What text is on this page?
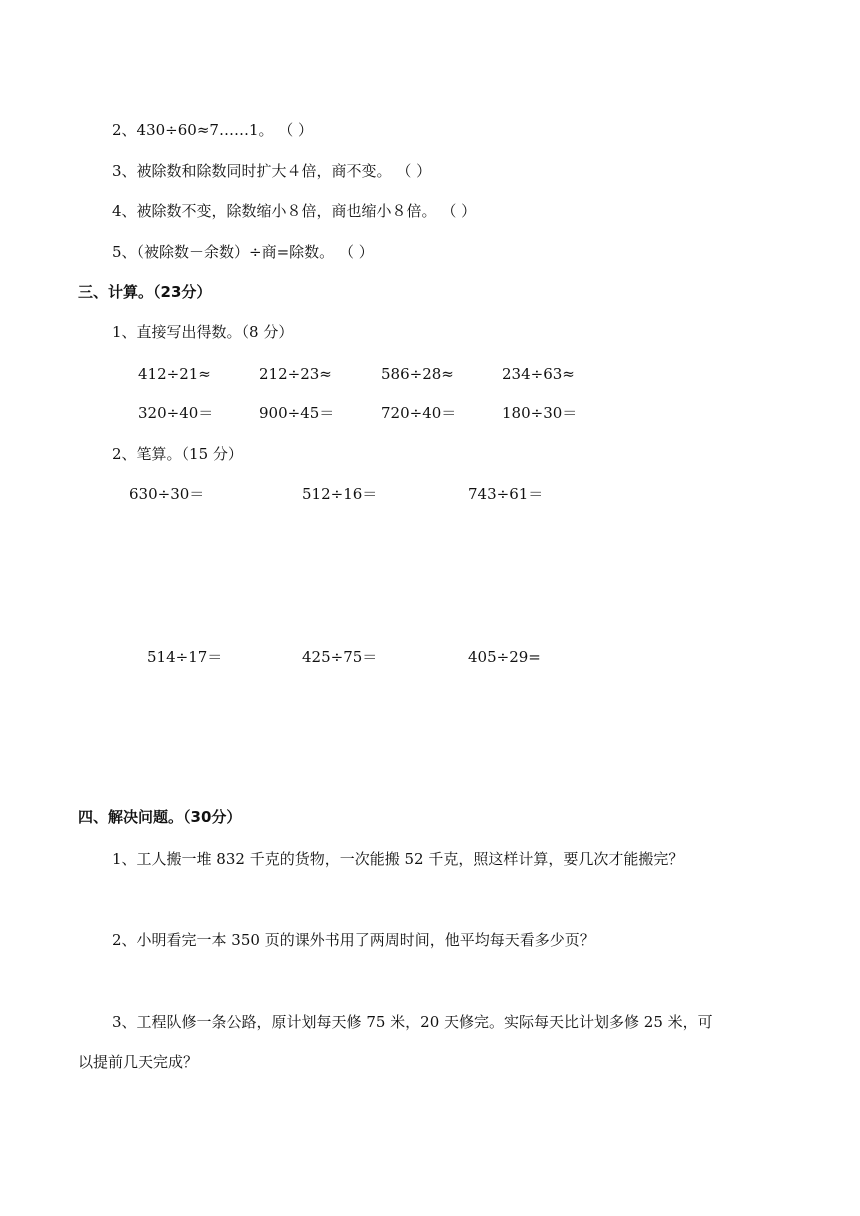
2、430÷60≈7……1。 （ ）
3、被除数和除数同时扩大４倍，商不变。 （ ）
4、被除数不变，除数缩小８倍，商也缩小８倍。 （ ）
5、（被除数－余数）÷商=除数。 （ ）
三、计算。（23分）
1、直接写出得数。（8 分）
412÷21≈	212÷23≈	586÷28≈	234÷63≈
320÷40＝	900÷45＝	720÷40＝	180÷30＝
2、笔算。（15 分）
630÷30＝	512÷16＝	743÷61＝
514÷17＝	425÷75＝	405÷29=
四、解决问题。（30分）
1、工人搬一堆 832 千克的货物，一次能搬 52 千克，照这样计算，要几次才能搬完？
2、小明看完一本 350 页的课外书用了两周时间，他平均每天看多少页？
3、工程队修一条公路，原计划每天修 75 米，20 天修完。实际每天比计划多修 25 米，可
以提前几天完成？
